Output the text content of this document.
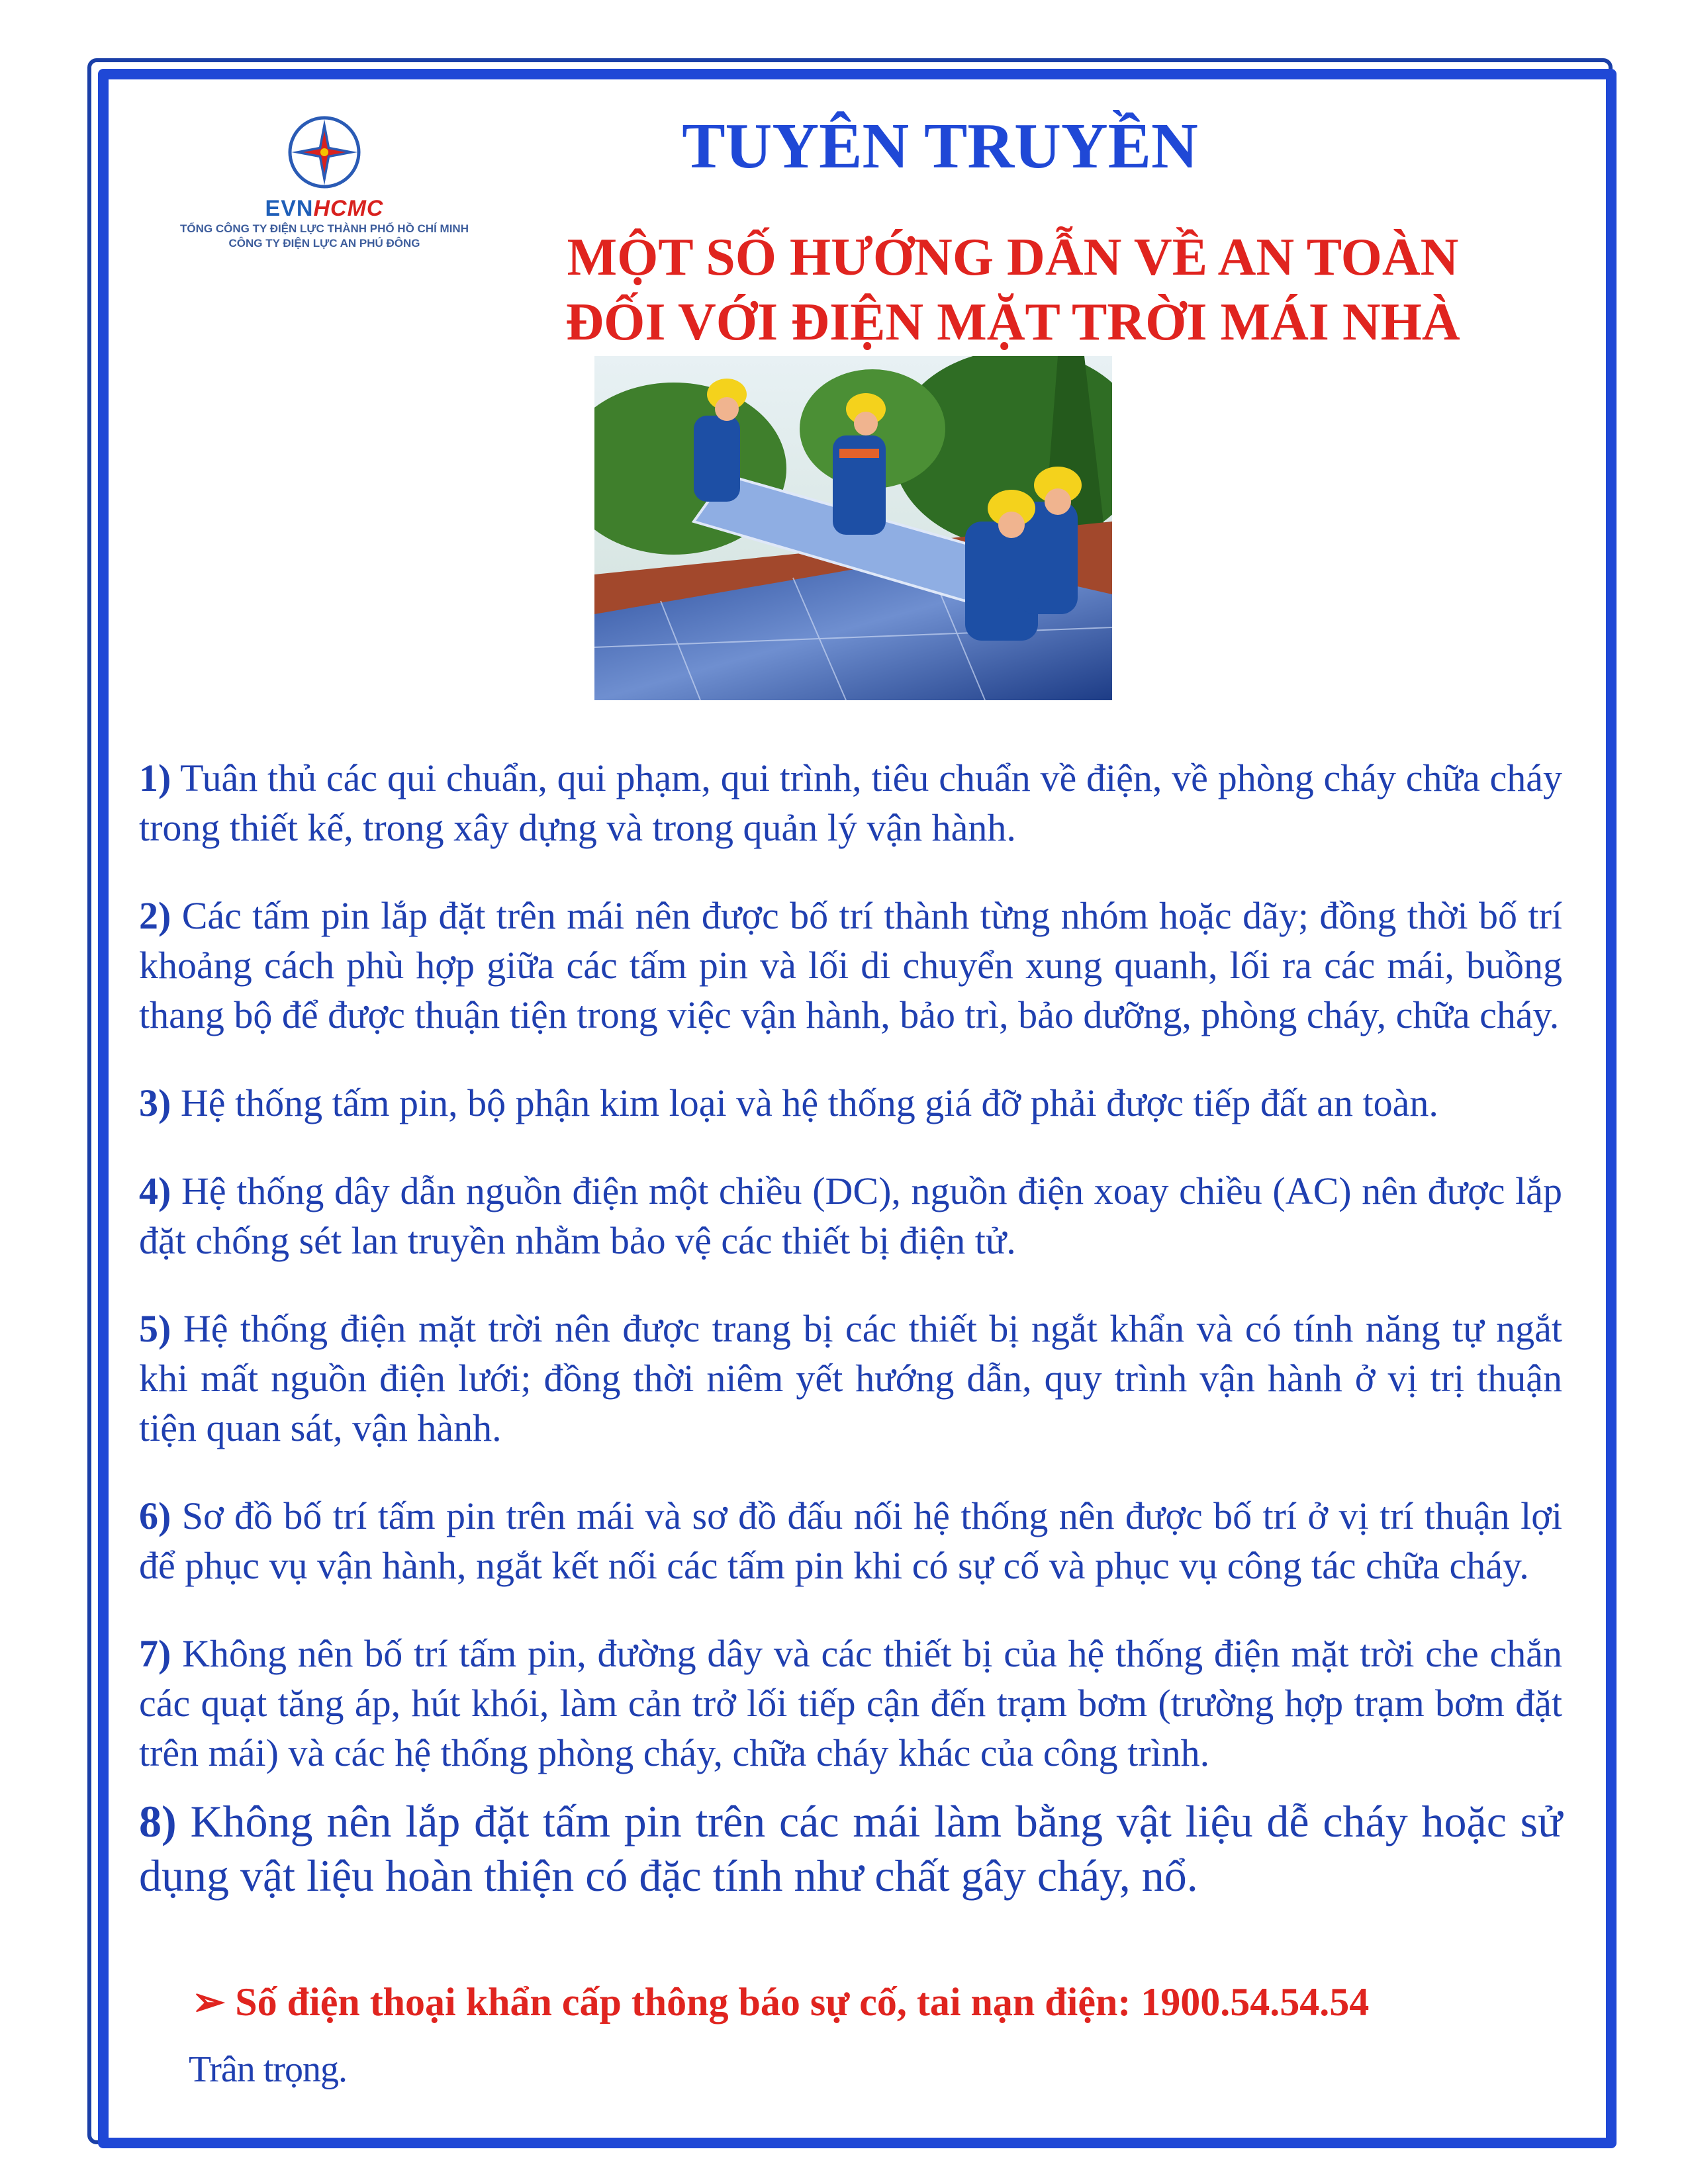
EVNHCMC
TỔNG CÔNG TY ĐIỆN LỰC THÀNH PHỐ HỒ CHÍ MINH
CÔNG TY ĐIỆN LỰC AN PHÚ ĐÔNG
TUYÊN TRUYỀN
MỘT SỐ HƯỚNG DẪN VỀ AN TOÀN
ĐỐI VỚI ĐIỆN MẶT TRỜI MÁI NHÀ

1) Tuân thủ các qui chuẩn, qui phạm, qui trình, tiêu chuẩn về điện, về phòng cháy chữa cháy trong thiết kế, trong xây dựng và trong quản lý vận hành.

2) Các tấm pin lắp đặt trên mái nên được bố trí thành từng nhóm hoặc dãy; đồng thời bố trí khoảng cách phù hợp giữa các tấm pin và lối di chuyển xung quanh, lối ra các mái, buồng thang bộ để được thuận tiện trong việc vận hành, bảo trì, bảo dưỡng, phòng cháy, chữa cháy.

3) Hệ thống tấm pin, bộ phận kim loại và hệ thống giá đỡ phải được tiếp đất an toàn.

4) Hệ thống dây dẫn nguồn điện một chiều (DC), nguồn điện xoay chiều (AC) nên được lắp đặt chống sét lan truyền nhằm bảo vệ các thiết bị điện tử.

5) Hệ thống điện mặt trời nên được trang bị các thiết bị ngắt khẩn và có tính năng tự ngắt khi mất nguồn điện lưới; đồng thời niêm yết hướng dẫn, quy trình vận hành ở vị trị thuận tiện quan sát, vận hành.

6) Sơ đồ bố trí tấm pin trên mái và sơ đồ đấu nối hệ thống nên được bố trí ở vị trí thuận lợi để phục vụ vận hành, ngắt kết nối các tấm pin khi có sự cố và phục vụ công tác chữa cháy.

7) Không nên bố trí tấm pin, đường dây và các thiết bị của hệ thống điện mặt trời che chắn các quạt tăng áp, hút khói, làm cản trở lối tiếp cận đến trạm bơm (trường hợp trạm bơm đặt trên mái) và các hệ thống phòng cháy, chữa cháy khác của công trình.

8) Không nên lắp đặt tấm pin trên các mái làm bằng vật liệu dễ cháy hoặc sử dụng vật liệu hoàn thiện có đặc tính như chất gây cháy, nổ.

➢ Số điện thoại khẩn cấp thông báo sự cố, tai nạn điện: 1900.54.54.54
Trân trọng.
